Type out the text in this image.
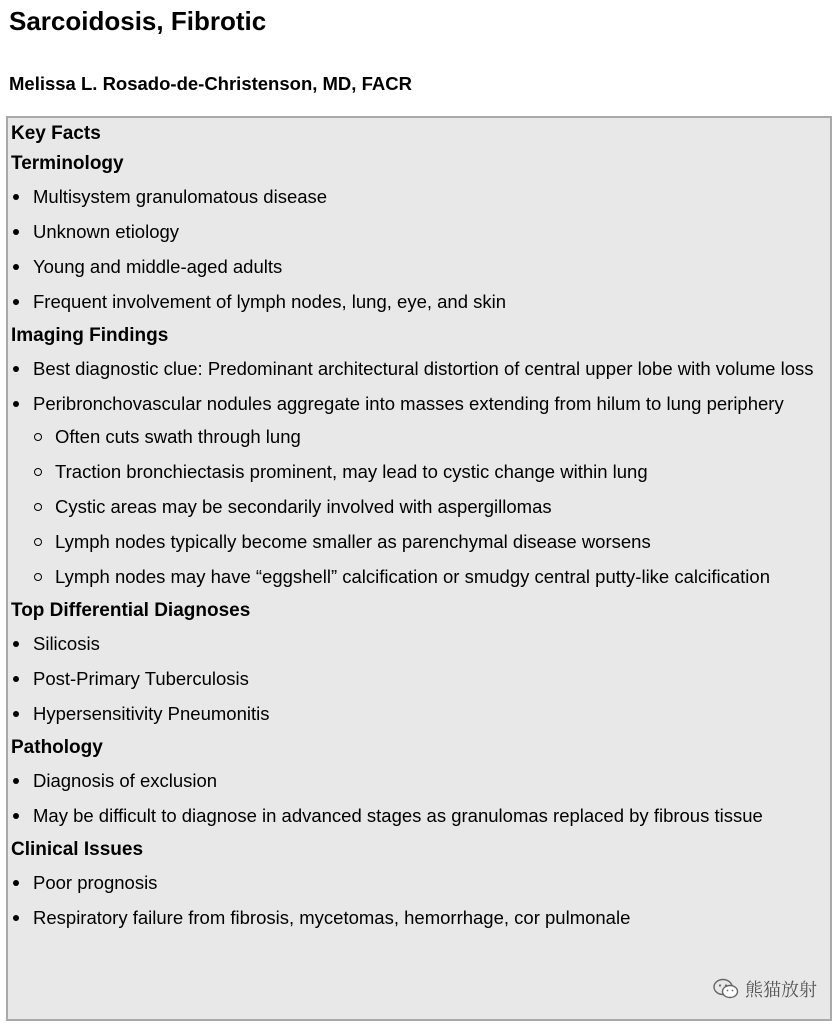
Sarcoidosis, Fibrotic
Melissa L. Rosado-de-Christenson, MD, FACR
Key Facts
Terminology
Multisystem granulomatous disease
Unknown etiology
Young and middle-aged adults
Frequent involvement of lymph nodes, lung, eye, and skin
Imaging Findings
Best diagnostic clue: Predominant architectural distortion of central upper lobe with volume loss
Peribronchovascular nodules aggregate into masses extending from hilum to lung periphery
Often cuts swath through lung
Traction bronchiectasis prominent, may lead to cystic change within lung
Cystic areas may be secondarily involved with aspergillomas
Lymph nodes typically become smaller as parenchymal disease worsens
Lymph nodes may have “eggshell” calcification or smudgy central putty-like calcification
Top Differential Diagnoses
Silicosis
Post-Primary Tuberculosis
Hypersensitivity Pneumonitis
Pathology
Diagnosis of exclusion
May be difficult to diagnose in advanced stages as granulomas replaced by fibrous tissue
Clinical Issues
Poor prognosis
Respiratory failure from fibrosis, mycetomas, hemorrhage, cor pulmonale
熊猫放射
